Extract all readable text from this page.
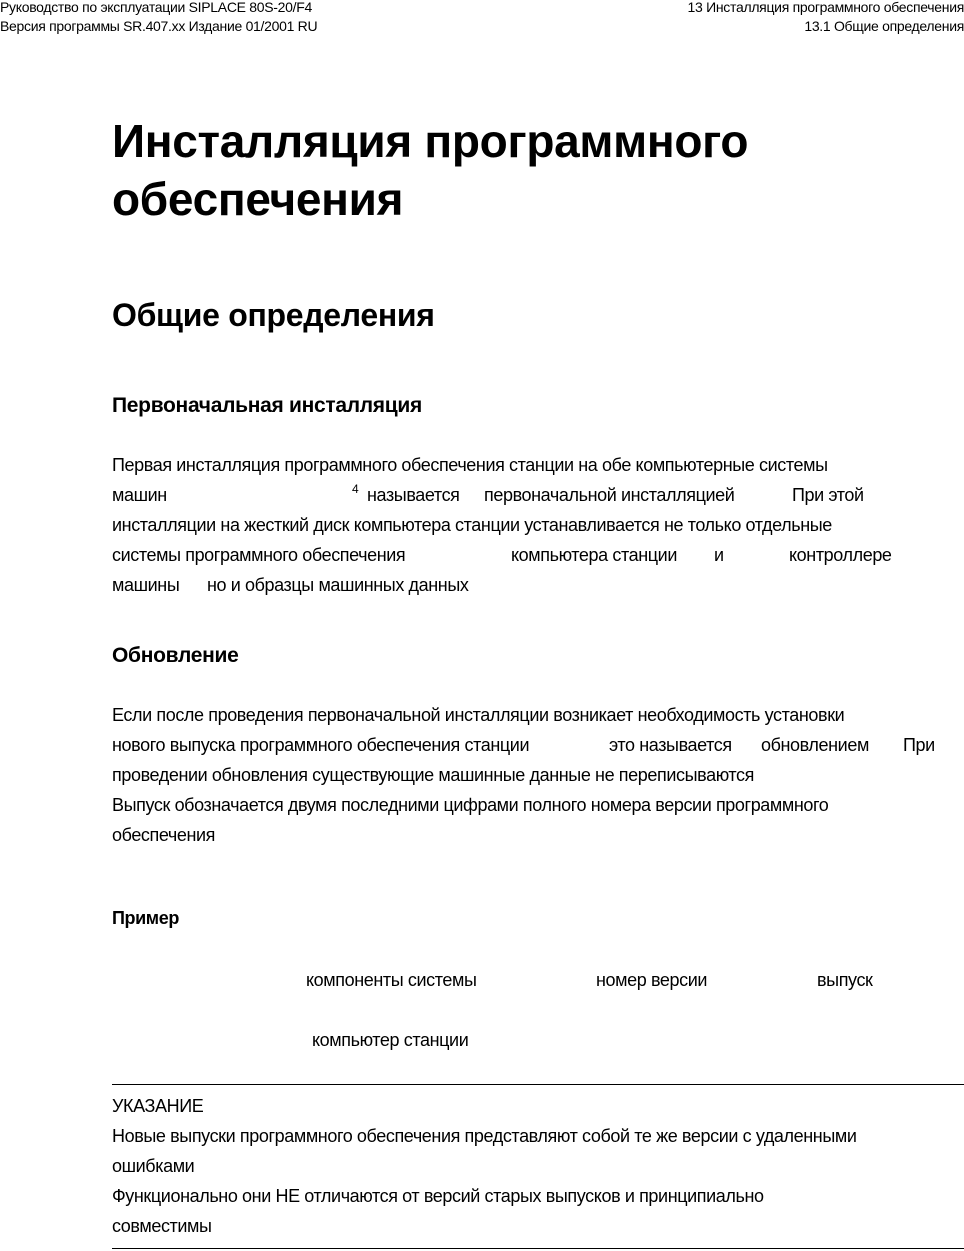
Руководство по эксплуатации SIPLACE 80S-20/F4
Версия программы SR.407.xx Издание 01/2001 RU
13 Инсталляция программного обеспечения
13.1 Общие определения
Инсталляция программного
обеспечения
Общие определения
Первоначальная инсталляция
Первая инсталляция программного обеспечения станции на обе компьютерные системы
машин	$^4$ называется первоначальной инсталляцией	При этой
инсталляции на жесткий диск компьютера станции устанавливается не только отдельные
системы программного обеспечения	компьютера станции и	контроллере
машины но и образцы машинных данных
Обновление
Если после проведения первоначальной инсталляции возникает необходимость установки
нового выпуска программного обеспечения станции	это называется обновлением При
проведении обновления существующие машинные данные не переписываются
Выпуск обозначается двумя последними цифрами полного номера версии программного
обеспечения
Пример
компоненты системы	номер версии	выпуск
компьютер станции
УКАЗАНИЕ
Новые выпуски программного обеспечения представляют собой те же версии с удаленными
ошибками
Функционально они НЕ отличаются от версий старых выпусков и принципиально
совместимы
